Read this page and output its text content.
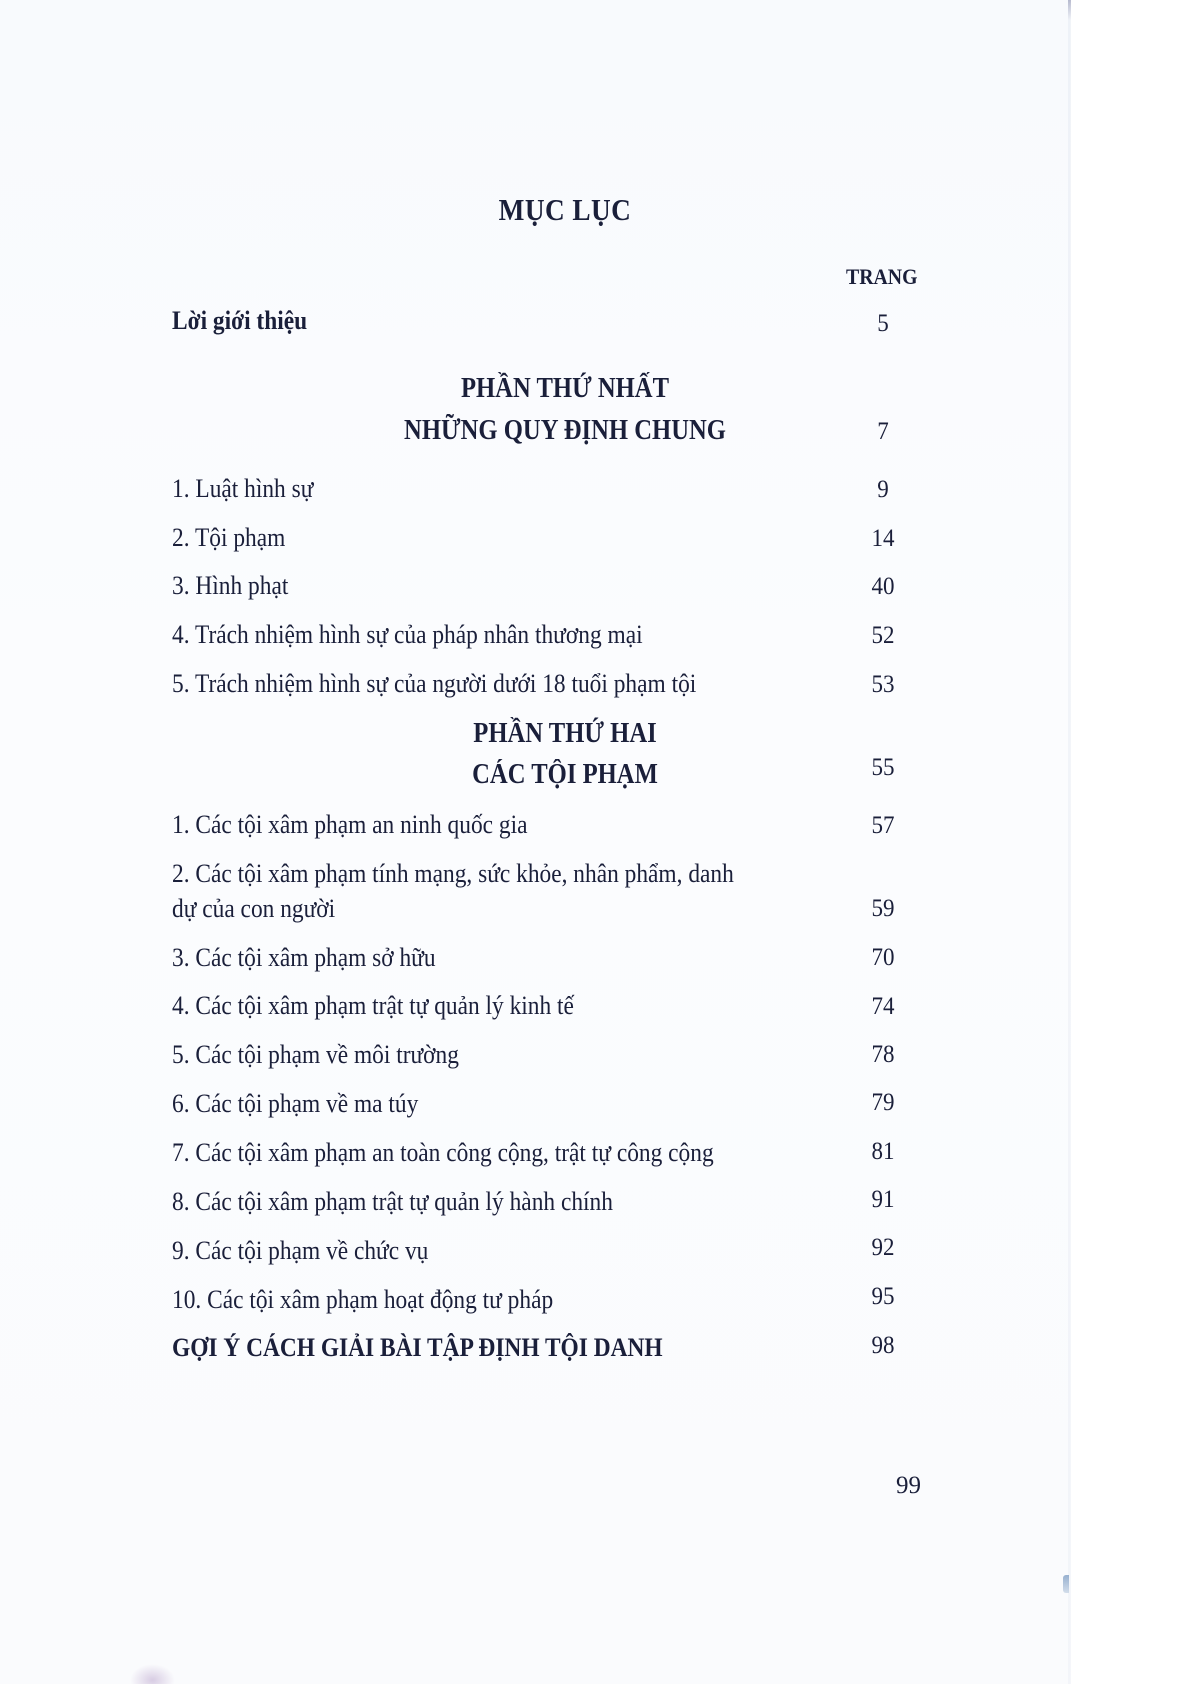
MỤC LỤC
TRANG
Lời giới thiệu	5
PHẦN THỨ NHẤT
NHỮNG QUY ĐỊNH CHUNG	7
1. Luật hình sự	9
2. Tội phạm	14
3. Hình phạt	40
4. Trách nhiệm hình sự của pháp nhân thương mại	52
5. Trách nhiệm hình sự của người dưới 18 tuổi phạm tội	53
PHẦN THỨ HAI
CÁC TỘI PHẠM	55
1. Các tội xâm phạm an ninh quốc gia	57
2. Các tội xâm phạm tính mạng, sức khỏe, nhân phẩm, danh
dự của con người	59
3. Các tội xâm phạm sở hữu	70
4. Các tội xâm phạm trật tự quản lý kinh tế	74
5. Các tội phạm về môi trường	78
6. Các tội phạm về ma túy	79
7. Các tội xâm phạm an toàn công cộng, trật tự công cộng	81
8. Các tội xâm phạm trật tự quản lý hành chính	91
9. Các tội phạm về chức vụ	92
10. Các tội xâm phạm hoạt động tư pháp	95
GỢI Ý CÁCH GIẢI BÀI TẬP ĐỊNH TỘI DANH	98
99
